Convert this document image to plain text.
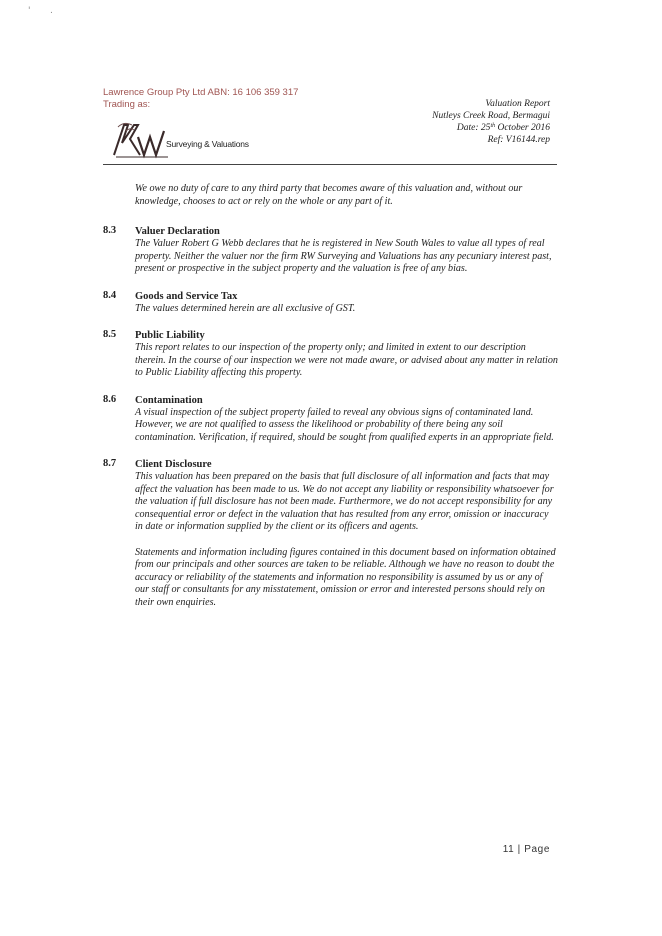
' .
Lawrence Group Pty Ltd ABN: 16 106 359 317
Trading as:
Surveying & Valuations
Valuation Report
Nutleys Creek Road, Bermagui
Date: 25th October 2016
Ref: V16144.rep

We owe no duty of care to any third party that becomes aware of this valuation and, without our knowledge, chooses to act or rely on the whole or any part of it.

8.3 Valuer Declaration

The Valuer Robert G Webb declares that he is registered in New South Wales to value all types of real property. Neither the valuer nor the firm RW Surveying and Valuations has any pecuniary interest past, present or prospective in the subject property and the valuation is free of any bias.

8.4 Goods and Service Tax

The values determined herein are all exclusive of GST.

8.5 Public Liability

This report relates to our inspection of the property only; and limited in extent to our description therein. In the course of our inspection we were not made aware, or advised about any matter in relation to Public Liability affecting this property.

8.6 Contamination

A visual inspection of the subject property failed to reveal any obvious signs of contaminated land. However, we are not qualified to assess the likelihood or probability of there being any soil contamination. Verification, if required, should be sought from qualified experts in an appropriate field.

8.7 Client Disclosure

This valuation has been prepared on the basis that full disclosure of all information and facts that may affect the valuation has been made to us. We do not accept any liability or responsibility whatsoever for the valuation if full disclosure has not been made. Furthermore, we do not accept responsibility for any consequential error or defect in the valuation that has resulted from any error, omission or inaccuracy in date or information supplied by the client or its officers and agents.

Statements and information including figures contained in this document based on information obtained from our principals and other sources are taken to be reliable. Although we have no reason to doubt the accuracy or reliability of the statements and information no responsibility is assumed by us or any of our staff or consultants for any misstatement, omission or error and interested persons should rely on their own enquiries.

11 | Page
